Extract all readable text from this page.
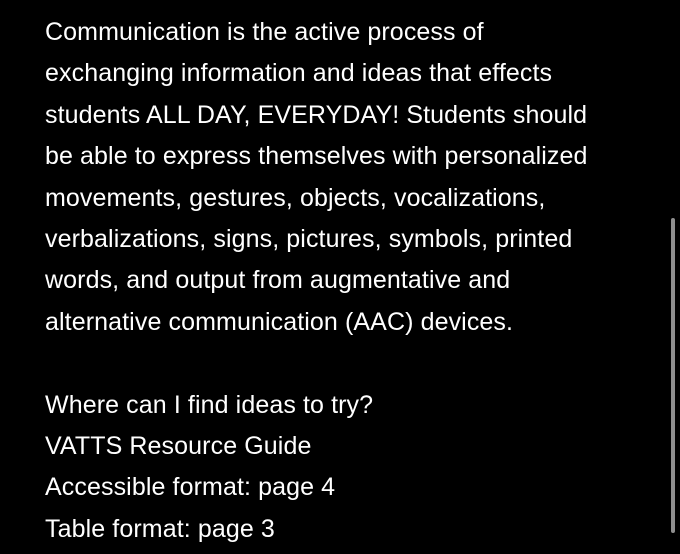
Communication is the active process of
exchanging information and ideas that effects
students ALL DAY, EVERYDAY! Students should
be able to express themselves with personalized
movements, gestures, objects, vocalizations,
verbalizations, signs, pictures, symbols, printed
words, and output from augmentative and
alternative communication (AAC) devices.
Where can I find ideas to try?
VATTS Resource Guide
Accessible format: page 4
Table format: page 3
